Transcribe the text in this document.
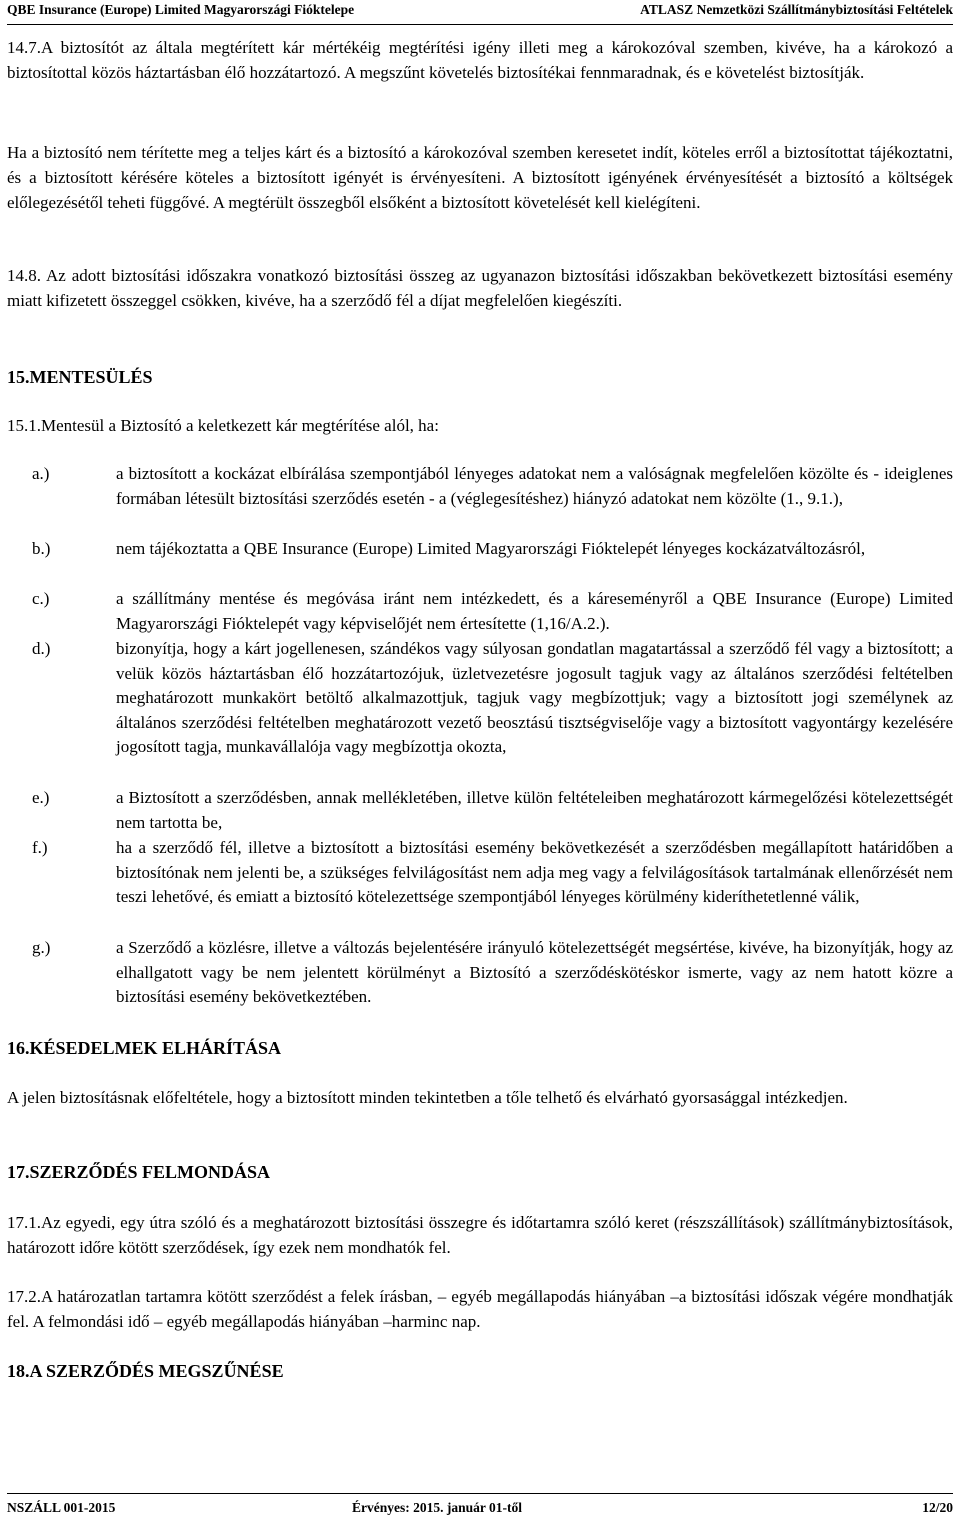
QBE Insurance (Europe) Limited Magyarországi Fióktelepe	ATLASZ Nemzetközi Szállítmánybiztosítási Feltételek
14.7.A biztosítót az általa megtérített kár mértékéig megtérítési igény illeti meg a károkozóval szemben, kivéve, ha a károkozó a biztosítottal közös háztartásban élő hozzátartozó. A megszűnt követelés biztosítékai fennmaradnak, és e követelést biztosítják.
Ha a biztosító nem térítette meg a teljes kárt és a biztosító a károkozóval szemben keresetet indít, köteles erről a biztosítottat tájékoztatni, és a biztosított kérésére köteles a biztosított igényét is érvényesíteni. A biztosított igényének érvényesítését a biztosító a költségek előlegezésétől teheti függővé. A megtérült összegből elsőként a biztosított követelését kell kielégíteni.
14.8. Az adott biztosítási időszakra vonatkozó biztosítási összeg az ugyanazon biztosítási időszakban bekövetkezett biztosítási esemény miatt kifizetett összeggel csökken, kivéve, ha a szerződő fél a díjat megfelelően kiegészíti.
15.MENTESÜLÉS
15.1.Mentesül a Biztosító a keletkezett kár megtérítése alól, ha:
a.)	a biztosított a kockázat elbírálása szempontjából lényeges adatokat nem a valóságnak megfelelően közölte és - ideiglenes formában létesült biztosítási szerződés esetén - a (véglegesítéshez) hiányzó adatokat nem közölte (1., 9.1.),
b.)	nem tájékoztatta a QBE Insurance (Europe) Limited Magyarországi Fióktelepét lényeges kockázatváltozásról,
c.)	a szállítmány mentése és megóvása iránt nem intézkedett, és a káreseményről a QBE Insurance (Europe) Limited Magyarországi Fióktelepét vagy képviselőjét nem értesítette (1,16/A.2.).
d.)	bizonyítja, hogy a kárt jogellenesen, szándékos vagy súlyosan gondatlan magatartással a szerződő fél vagy a biztosított; a velük közös háztartásban élő hozzátartozójuk, üzletvezetésre jogosult tagjuk vagy az általános szerződési feltételben meghatározott munkakört betöltő alkalmazottjuk, tagjuk vagy megbízottjuk; vagy a biztosított jogi személynek az általános szerződési feltételben meghatározott vezető beosztású tisztségviselője vagy a biztosított vagyontárgy kezelésére jogosított tagja, munkavállalója vagy megbízottja okozta,
e.)	a Biztosított a szerződésben, annak mellékletében, illetve külön feltételeiben meghatározott kármegelőzési kötelezettségét nem tartotta be,
f.)	ha a szerződő fél, illetve a biztosított a biztosítási esemény bekövetkezését a szerződésben megállapított határidőben a biztosítónak nem jelenti be, a szükséges felvilágosítást nem adja meg vagy a felvilágosítások tartalmának ellenőrzését nem teszi lehetővé, és emiatt a biztosító kötelezettsége szempontjából lényeges körülmény kideríthetetlenné válik,
g.)	a Szerződő a közlésre, illetve a változás bejelentésére irányuló kötelezettségét megsértése, kivéve, ha bizonyítják, hogy az elhallgatott vagy be nem jelentett körülményt a Biztosító a szerződéskötéskor ismerte, vagy az nem hatott közre a biztosítási esemény bekövetkeztében.
16.KÉSEDELMEK ELHÁRÍTÁSA
A jelen biztosításnak előfeltétele, hogy a biztosított minden tekintetben a tőle telhető és elvárható gyorsasággal intézkedjen.
17.SZERZŐDÉS FELMONDÁSA
17.1.Az egyedi, egy útra szóló és a meghatározott biztosítási összegre és időtartamra szóló keret (részszállítások) szállítmánybiztosítások, határozott időre kötött szerződések, így ezek nem mondhatók fel.
17.2.A határozatlan tartamra kötött szerződést a felek írásban, – egyéb megállapodás hiányában –a biztosítási időszak végére mondhatják fel. A felmondási idő – egyéb megállapodás hiányában –harminc nap.
18.A SZERZŐDÉS MEGSZŰNÉSE
NSZÁLL 001-2015	Érvényes: 2015. január 01-től	12/20
